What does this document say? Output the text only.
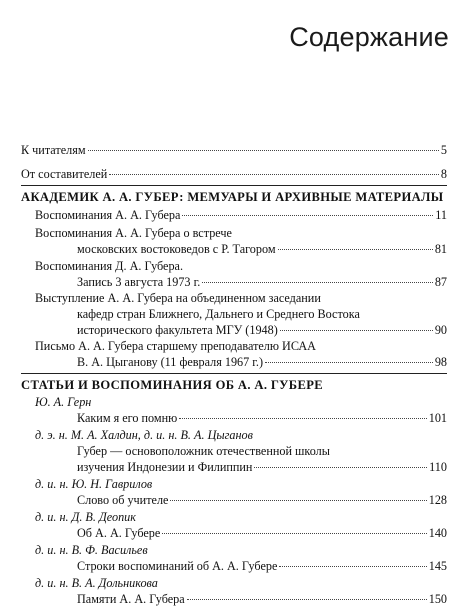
Содержание
К читателям	5
От составителей	8
АКАДЕМИК А. А. ГУБЕР: МЕМУАРЫ И АРХИВНЫЕ МАТЕРИАЛЫ
Воспоминания А. А. Губера	11
Воспоминания А. А. Губера о встрече
московских востоковедов с Р. Тагором	81
Воспоминания Д. А. Губера.
Запись 3 августа 1973 г.	87
Выступление А. А. Губера на объединенном заседании
кафедр стран Ближнего, Дальнего и Среднего Востока
исторического факультета МГУ (1948)	90
Письмо А. А. Губера старшему преподавателю ИСАА
В. А. Цыганову (11 февраля 1967 г.)	98
СТАТЬИ И ВОСПОМИНАНИЯ ОБ А. А. ГУБЕРЕ
Ю. А. Герн
Каким я его помню	101
д. э. н. М. А. Халдин, д. и. н. В. А. Цыганов
Губер — основоположник отечественной школы
изучения Индонезии и Филиппин	110
д. и. н. Ю. Н. Гаврилов
Слово об учителе	128
д. и. н. Д. В. Деопик
Об А. А. Губере	140
д. и. н. В. Ф. Васильев
Строки воспоминаний об А. А. Губере	145
д. и. н. В. А. Дольникова
Памяти А. А. Губера	150
